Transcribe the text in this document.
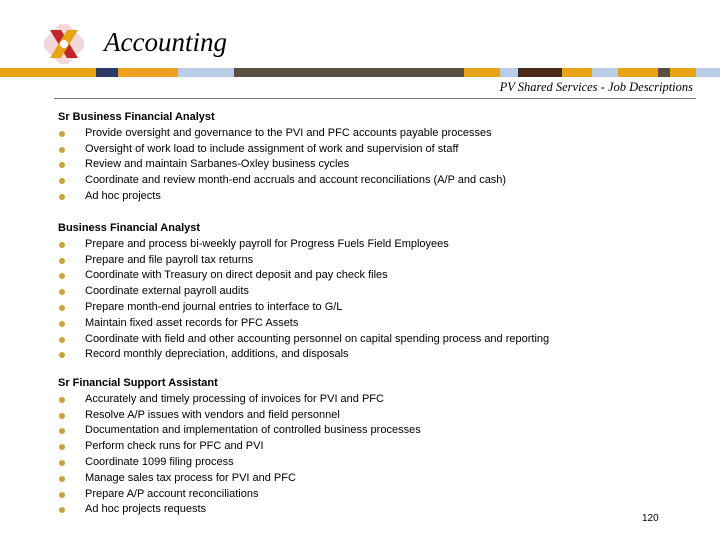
Accounting
PV Shared Services - Job Descriptions
Sr Business Financial Analyst
Provide oversight and governance to the PVI and PFC accounts payable processes
Oversight of work load to include assignment of work and supervision of staff
Review and maintain Sarbanes-Oxley business cycles
Coordinate and review month-end accruals and account reconciliations (A/P and cash)
Ad hoc projects
Business Financial Analyst
Prepare and process bi-weekly payroll for Progress Fuels Field Employees
Prepare and file payroll tax returns
Coordinate with Treasury on direct deposit and pay check files
Coordinate external payroll audits
Prepare month-end journal entries to interface to G/L
Maintain fixed asset records for PFC Assets
Coordinate with field and other accounting personnel on capital spending process and reporting
Record monthly depreciation, additions, and disposals
Sr Financial Support Assistant
Accurately and timely processing of invoices for PVI and PFC
Resolve A/P issues with vendors and field personnel
Documentation and implementation of controlled business processes
Perform check runs for PFC and PVI
Coordinate 1099 filing process
Manage sales tax process for PVI and PFC
Prepare A/P account reconciliations
Ad hoc projects requests
120
